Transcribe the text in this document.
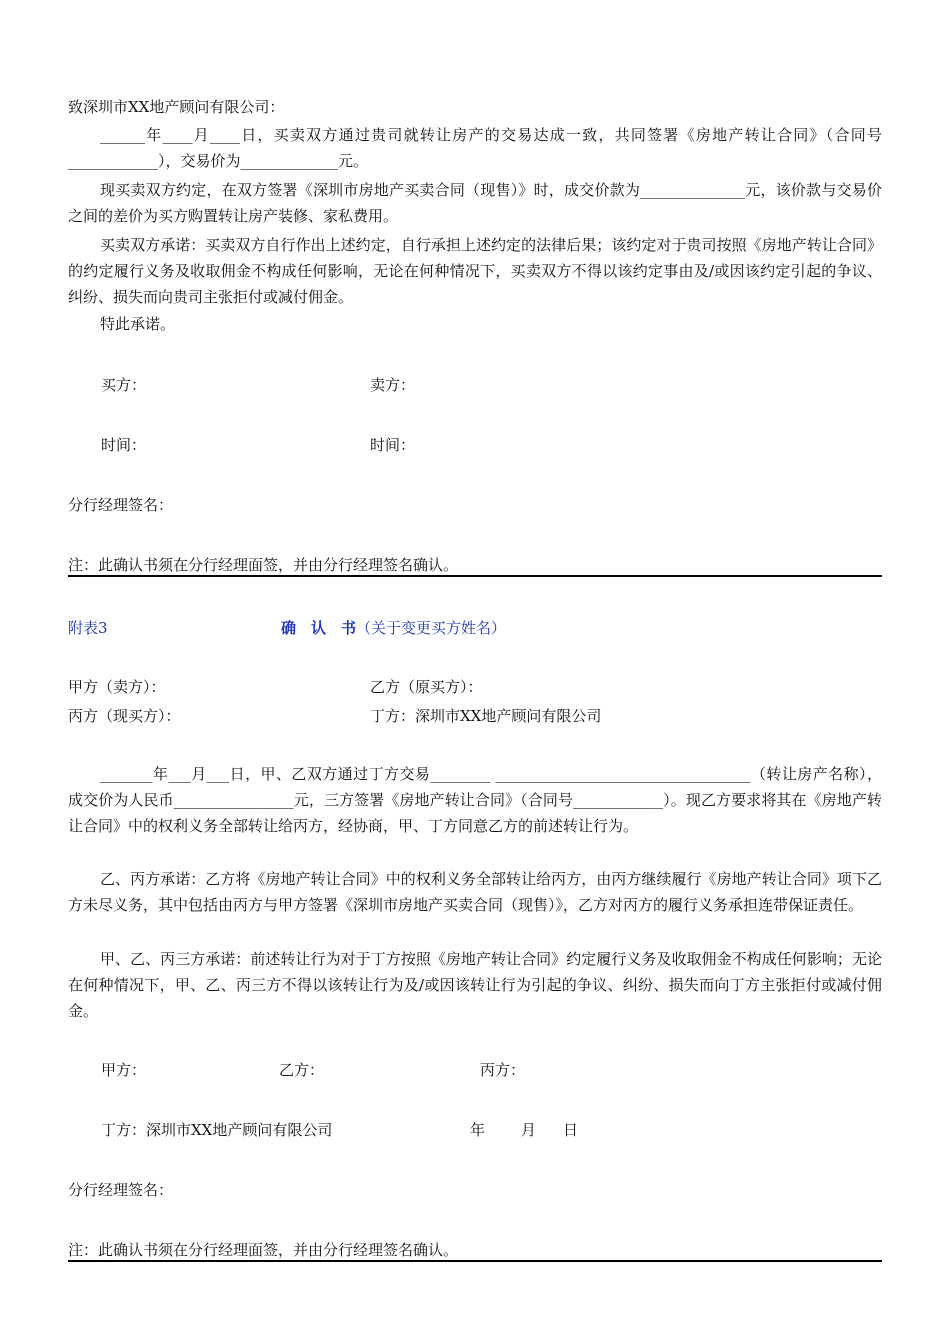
致深圳市XX地产顾问有限公司：
______年____月____日，买卖双方通过贵司就转让房产的交易达成一致，共同签署《房地产转让合同》（合同号____________），交易价为_____________元。
现买卖双方约定，在双方签署《深圳市房地产买卖合同（现售）》时，成交价款为______________元，该价款与交易价之间的差价为买方购置转让房产装修、家私费用。
买卖双方承诺：买卖双方自行作出上述约定，自行承担上述约定的法律后果；该约定对于贵司按照《房地产转让合同》的约定履行义务及收取佣金不构成任何影响，无论在何种情况下，买卖双方不得以该约定事由及/或因该约定引起的争议、纠纷、损失而向贵司主张拒付或减付佣金。
特此承诺。
买方：	卖方：
时间：	时间：
分行经理签名：
注：此确认书须在分行经理面签，并由分行经理签名确认。
附表3	确　认　书（关于变更买方姓名）
甲方（卖方）：	乙方（原买方）：
丙方（现买方）：	丁方：深圳市XX地产顾问有限公司
_______年___月___日，甲、乙双方通过丁方交易________ __________________________________（转让房产名称），成交价为人民币________________元，三方签署《房地产转让合同》（合同号____________）。现乙方要求将其在《房地产转让合同》中的权利义务全部转让给丙方，经协商，甲、丁方同意乙方的前述转让行为。
乙、丙方承诺：乙方将《房地产转让合同》中的权利义务全部转让给丙方，由丙方继续履行《房地产转让合同》项下乙方未尽义务，其中包括由丙方与甲方签署《深圳市房地产买卖合同（现售）》，乙方对丙方的履行义务承担连带保证责任。
甲、乙、丙三方承诺：前述转让行为对于丁方按照《房地产转让合同》约定履行义务及收取佣金不构成任何影响；无论在何种情况下，甲、乙、丙三方不得以该转让行为及/或因该转让行为引起的争议、纠纷、损失而向丁方主张拒付或减付佣金。
甲方：	乙方：	丙方：
丁方：深圳市XX地产顾问有限公司	年 月 日
分行经理签名：
注：此确认书须在分行经理面签，并由分行经理签名确认。
